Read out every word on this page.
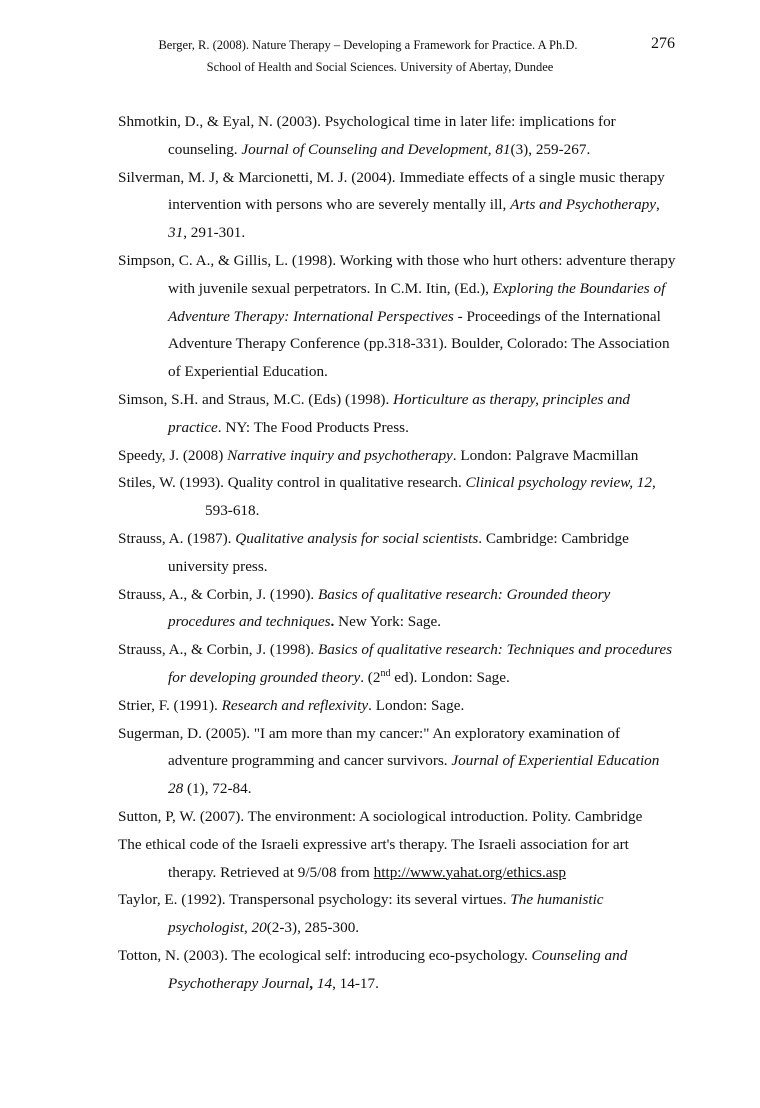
Berger, R. (2008). Nature Therapy – Developing a Framework for Practice. A Ph.D.
School of Health and Social Sciences. University of Abertay, Dundee
276
Shmotkin, D., & Eyal, N. (2003). Psychological time in later life: implications for counseling. Journal of Counseling and Development, 81(3), 259-267.
Silverman, M. J, & Marcionetti, M. J. (2004). Immediate effects of a single music therapy intervention with persons who are severely mentally ill, Arts and Psychotherapy, 31, 291-301.
Simpson, C. A., & Gillis, L. (1998). Working with those who hurt others: adventure therapy with juvenile sexual perpetrators. In C.M. Itin, (Ed.), Exploring the Boundaries of Adventure Therapy: International Perspectives - Proceedings of the International Adventure Therapy Conference (pp.318-331). Boulder, Colorado: The Association of Experiential Education.
Simson, S.H. and Straus, M.C. (Eds) (1998). Horticulture as therapy, principles and practice. NY: The Food Products Press.
Speedy, J. (2008) Narrative inquiry and psychotherapy. London: Palgrave Macmillan
Stiles, W. (1993). Quality control in qualitative research. Clinical psychology review, 12, 593-618.
Strauss, A. (1987). Qualitative analysis for social scientists. Cambridge: Cambridge university press.
Strauss, A., & Corbin, J. (1990). Basics of qualitative research: Grounded theory procedures and techniques. New York: Sage.
Strauss, A., & Corbin, J. (1998). Basics of qualitative research: Techniques and procedures for developing grounded theory. (2nd ed). London: Sage.
Strier, F. (1991). Research and reflexivity. London: Sage.
Sugerman, D. (2005). "I am more than my cancer:" An exploratory examination of adventure programming and cancer survivors. Journal of Experiential Education 28 (1), 72-84.
Sutton, P, W. (2007). The environment: A sociological introduction. Polity. Cambridge
The ethical code of the Israeli expressive art's therapy. The Israeli association for art therapy. Retrieved at 9/5/08 from http://www.yahat.org/ethics.asp
Taylor, E. (1992). Transpersonal psychology: its several virtues. The humanistic psychologist, 20(2-3), 285-300.
Totton, N. (2003). The ecological self: introducing eco-psychology. Counseling and Psychotherapy Journal, 14, 14-17.
